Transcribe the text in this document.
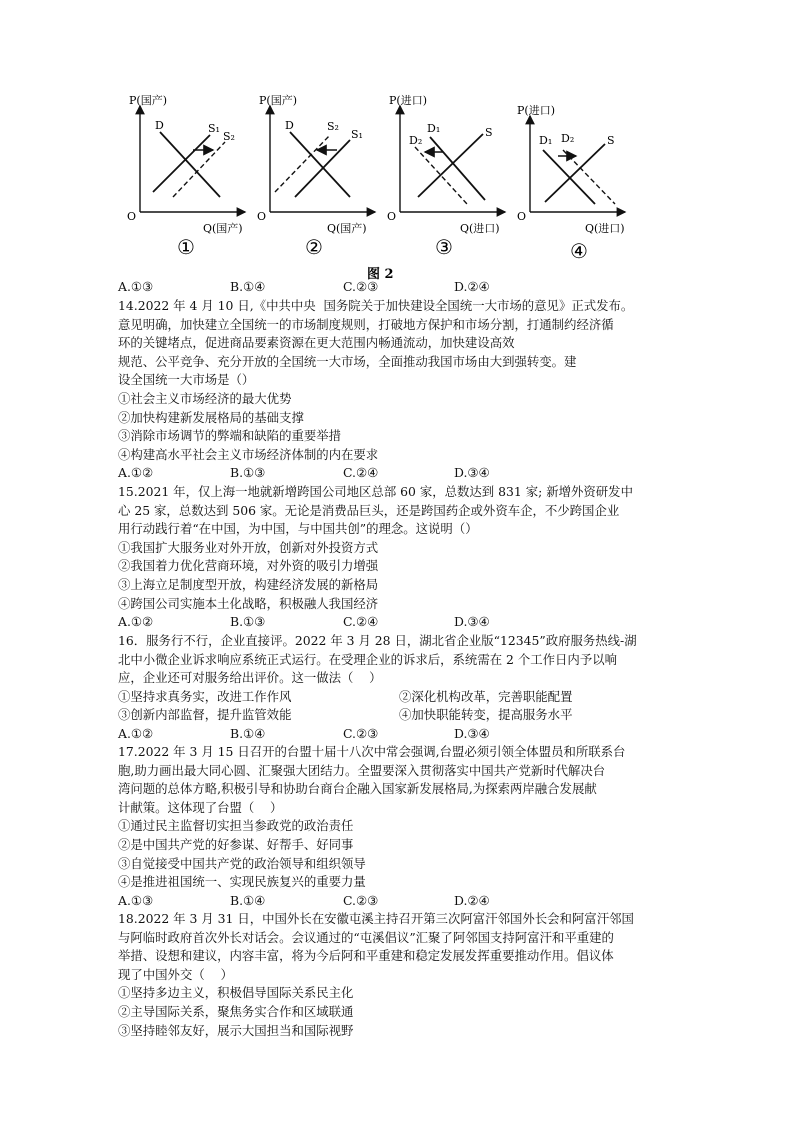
P(国产)
Q(国产)
O
D	S₁
S₂
①
P(国产)
Q(国产)
O
D	S₂
S₁
②
P(进口)
Q(进口)
O
D₁
D₂
S
③
P(进口)
Q(进口)
O
D₁ D₂	S
④
图 2
A.①③	B.①④	C.②③	D.②④

14.2022 年 4 月 10 日,《中共中央  国务院关于加快建设全国统一大市场的意见》正式发布。

意见明确，加快建立全国统一的市场制度规则，打破地方保护和市场分割，打通制约经济循

环的关键堵点，促进商品要素资源在更大范围内畅通流动，加快建设高效

规范、公平竞争、充分开放的全国统一大市场，全面推动我国市场由大到强转变。建

设全国统一大市场是（）

①社会主义市场经济的最大优势

②加快构建新发展格局的基础支撑

③消除市场调节的弊端和缺陷的重要举措

④构建高水平社会主义市场经济体制的内在要求

A.①②	B.①③	C.②④	D.③④

15.2021 年，仅上海一地就新增跨国公司地区总部 60 家，总数达到 831 家; 新增外资研发中

心 25 家，总数达到 506 家。无论是消费品巨头，还是跨国药企或外资车企，不少跨国企业

用行动践行着“在中国，为中国，与中国共创”的理念。这说明（）

①我国扩大服务业对外开放，创新对外投资方式

②我国着力优化营商环境，对外资的吸引力增强

③上海立足制度型开放，构建经济发展的新格局

④跨国公司实施本土化战略，积极融人我国经济

A.①②	B.①③	C.②④	D.③④

16．服务行不行，企业直接评。2022 年 3 月 28 日，湖北省企业版“12345”政府服务热线-湖

北中小微企业诉求响应系统正式运行。在受理企业的诉求后，系统需在 2 个工作日内予以响

应，企业还可对服务给出评价。这一做法（    ）

①坚持求真务实，改进工作作风	②深化机构改革，完善职能配置
③创新内部监督，提升监管效能	④加快职能转变，提高服务水平
A.①②	B.①④	C.②③	D.③④

17.2022 年 3 月 15 日召开的台盟十届十八次中常会强调,台盟必须引领全体盟员和所联系台

胞,助力画出最大同心圆、汇聚强大团结力。全盟要深入贯彻落实中国共产党新时代解决台

湾问题的总体方略,积极引导和协助台商台企融入国家新发展格局,为探索两岸融合发展献

计献策。这体现了台盟（    ）

①通过民主监督切实担当参政党的政治责任

②是中国共产党的好参谋、好帮手、好同事

③自觉接受中国共产党的政治领导和组织领导

④是推进祖国统一、实现民族复兴的重要力量

A.①③	B.①④	C.②③	D.②④

18.2022 年 3 月 31 日，中国外长在安徽屯溪主持召开第三次阿富汗邻国外长会和阿富汗邻国

与阿临时政府首次外长对话会。会议通过的“屯溪倡议”汇聚了阿邻国支持阿富汗和平重建的

举措、设想和建议，内容丰富，将为今后阿和平重建和稳定发展发挥重要推动作用。倡议体

现了中国外交（    ）

①坚持多边主义，积极倡导国际关系民主化

②主导国际关系，聚焦务实合作和区域联通

③坚持睦邻友好，展示大国担当和国际视野
